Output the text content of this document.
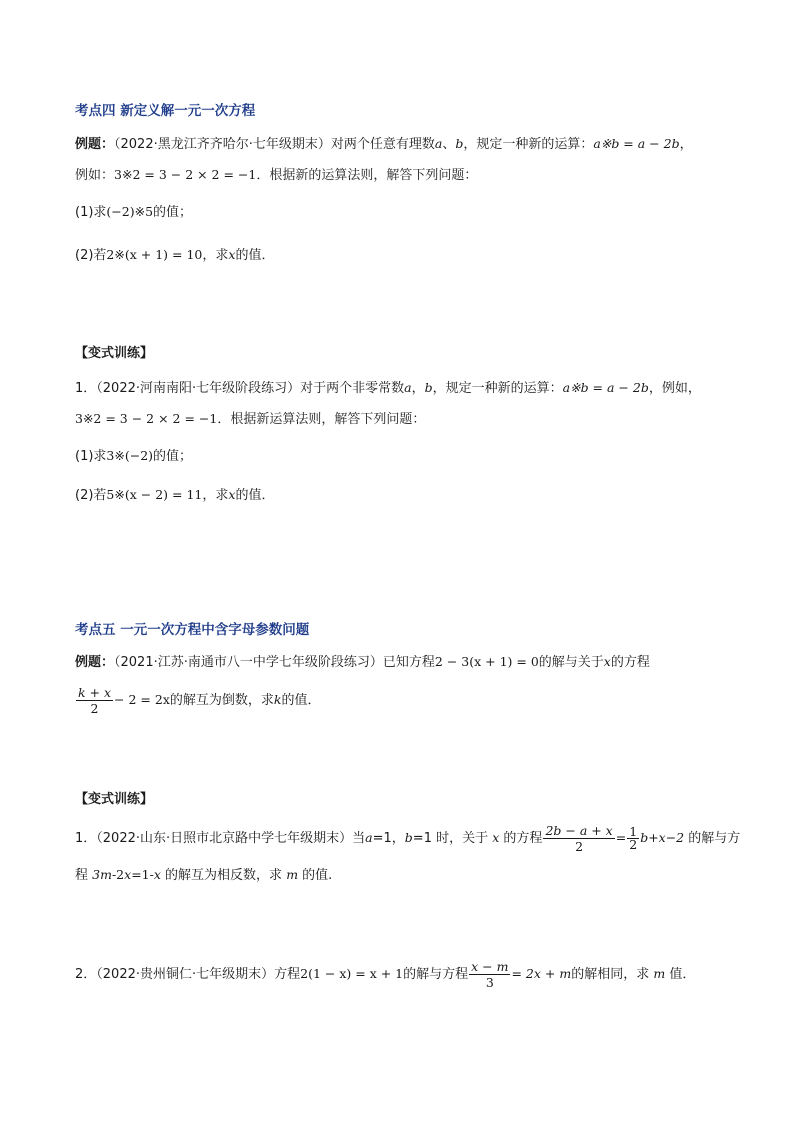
考点四 新定义解一元一次方程
例题：（2022·黑龙江齐齐哈尔·七年级期末）对两个任意有理数a、b，规定一种新的运算：a※b = a − 2b，
例如：3※2 = 3 − 2 × 2 = −1．根据新的运算法则，解答下列问题：
(1)求(−2)※5的值；
(2)若2※(x + 1) = 10，求x的值．
【变式训练】
1．（2022·河南南阳·七年级阶段练习）对于两个非零常数a，b，规定一种新的运算：a※b = a − 2b，例如，
3※2 = 3 − 2 × 2 = −1．根据新运算法则，解答下列问题：
(1)求3※(−2)的值；
(2)若5※(x − 2) = 11，求x的值．
考点五 一元一次方程中含字母参数问题
例题：（2021·江苏·南通市八一中学七年级阶段练习）已知方程2 − 3(x + 1) = 0的解与关于x的方程
$\frac{k + x}{2} - 2 = 2x$的解互为倒数，求k的值．
【变式训练】
1．（2022·山东·日照市北京路中学七年级期末）当a=1，b=1 时，关于 x 的方程 $\frac{2b - a + x}{2} = \frac{1}{2} b+x-2$ 的解与方
程 3m-2x=1-x 的解互为相反数，求 m 的值.
2．（2022·贵州铜仁·七年级期末）方程2(1 − x) = x + 1的解与方程 $\frac{x - m}{3} = 2x + m$的解相同，求 m 值．
